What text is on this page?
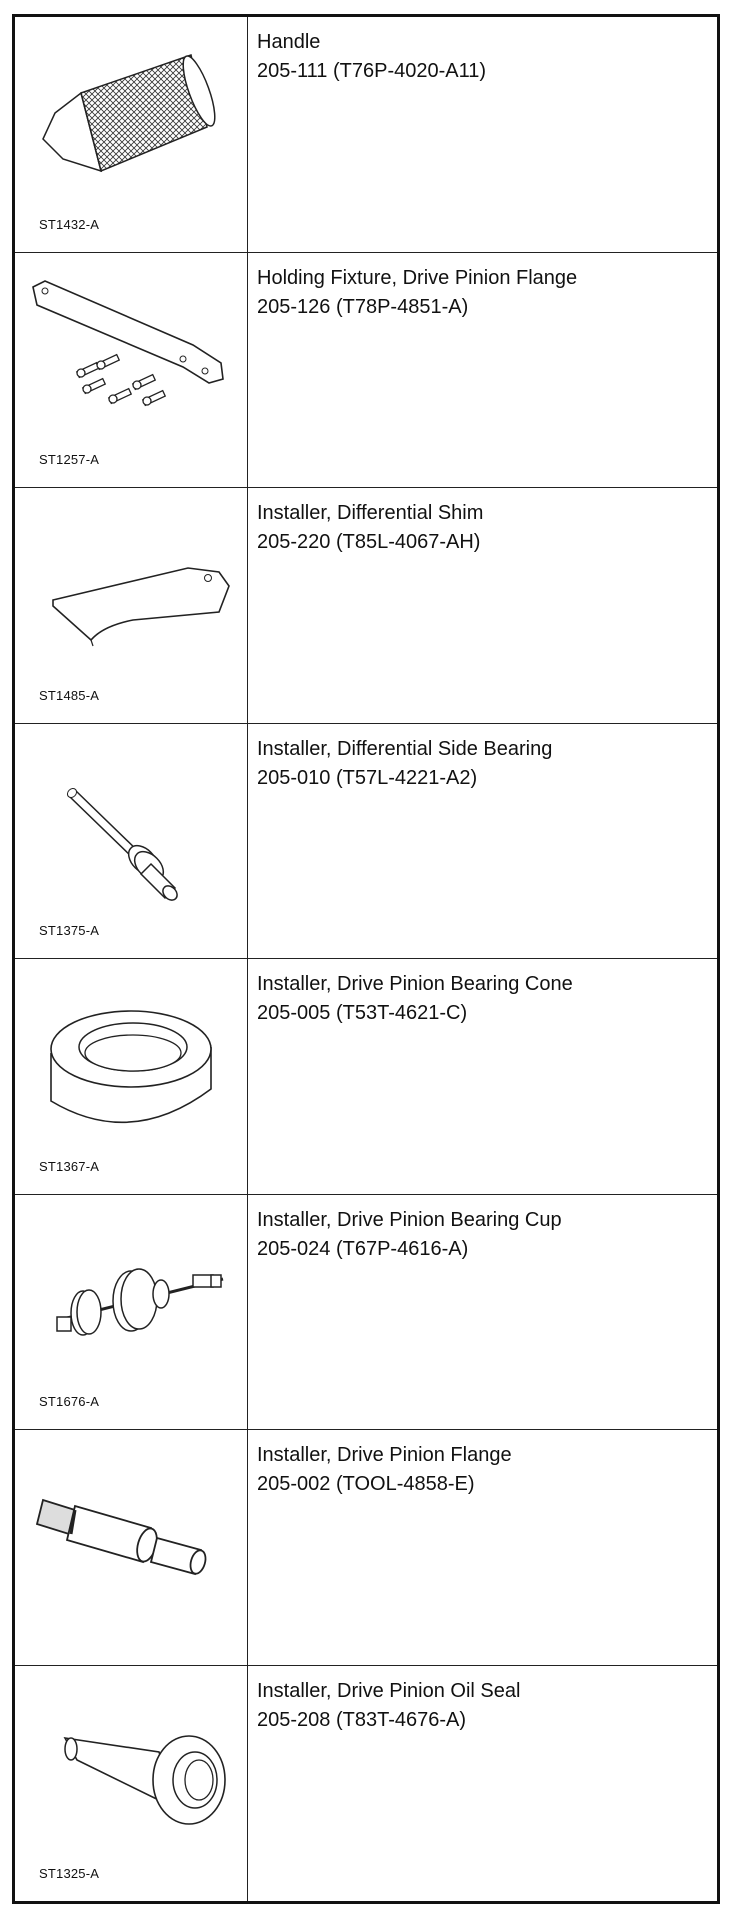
ST1432-A
Handle
205-111 (T76P-4020-A11)
ST1257-A
Holding Fixture, Drive Pinion Flange
205-126 (T78P-4851-A)
ST1485-A
Installer, Differential Shim
205-220 (T85L-4067-AH)
ST1375-A
Installer, Differential Side Bearing
205-010 (T57L-4221-A2)
ST1367-A
Installer, Drive Pinion Bearing Cone
205-005 (T53T-4621-C)
ST1676-A
Installer, Drive Pinion Bearing Cup
205-024 (T67P-4616-A)
Installer, Drive Pinion Flange
205-002 (TOOL-4858-E)
ST1325-A
Installer, Drive Pinion Oil Seal
205-208 (T83T-4676-A)
